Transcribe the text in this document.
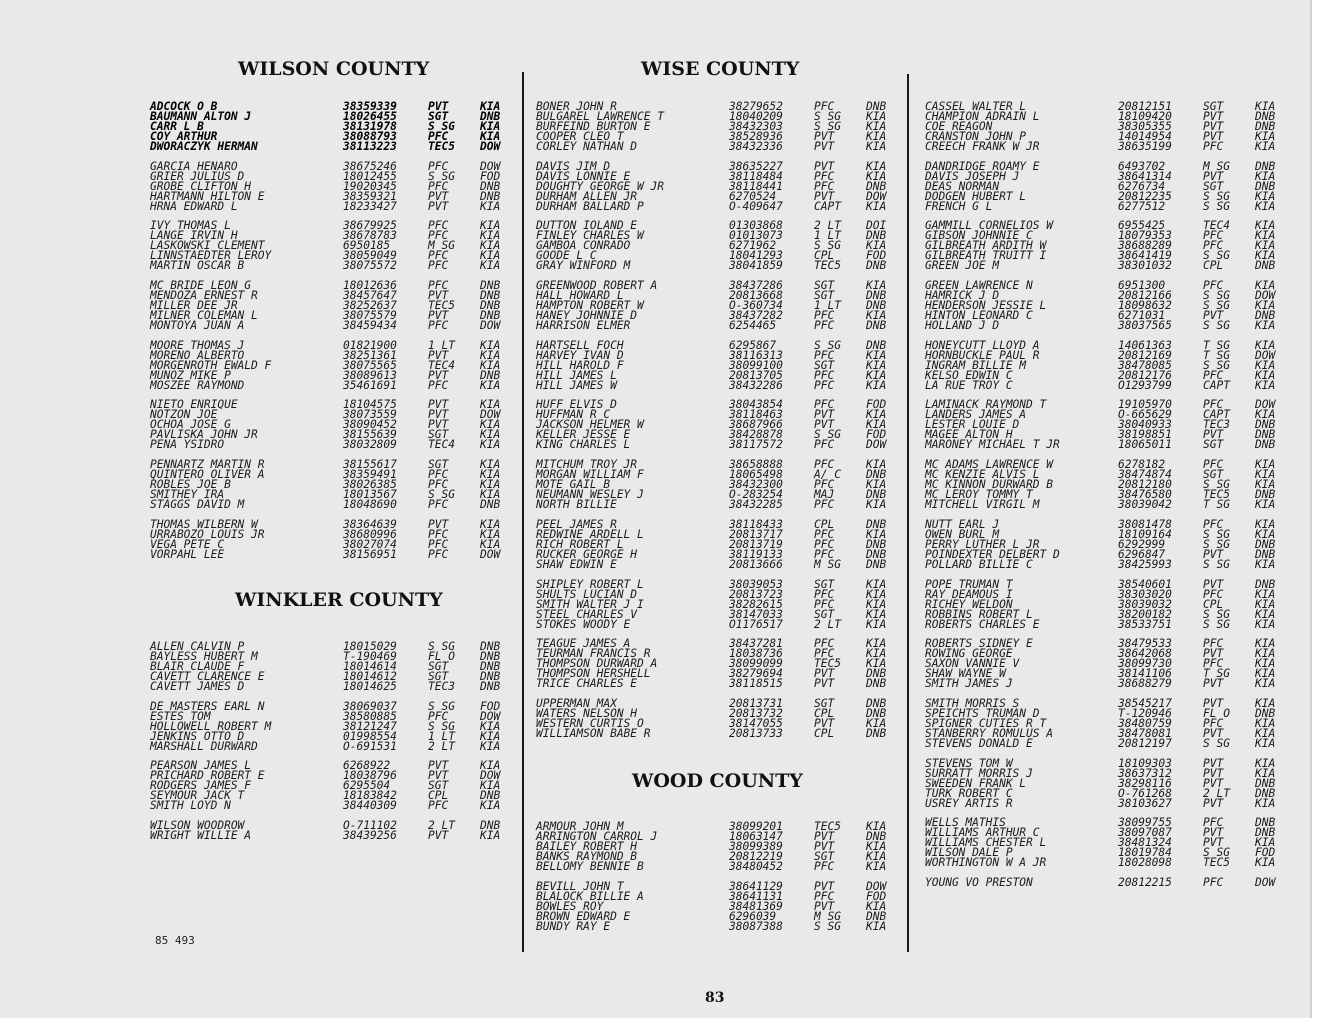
WILSON COUNTY
ADCOCK O B	38359339	PVT	KIA
BAUMANN ALTON J	18026455	SGT	DNB
CARR L B	38131978	S SG KIA
COY ARTHUR	38088793	PFC	KIA
DWORACZYK HERMAN	38113223	TEC5 DOW
GARCIA HENARO	38675246	PFC	DOW
GRIER JULIUS D	18012455	S SG FOD
GROBE CLIFTON H	19020345	PFC	DNB
HARTMANN HILTON E	38359321	PVT	DNB
HRNA EDWARD L	18233427	PVT	KIA
IVY THOMAS L	38679925	PFC	KIA
LANGE IRVIN H	38678783	PFC	KIA
LASKOWSKI CLEMENT	6950185	M SG KIA
LINNSTAEDTER LEROY	38059049	PFC	KIA
MARTIN OSCAR B	38075572	PFC	KIA
MC BRIDE LEON G	18012636	PFC	DNB
MENDOZA ERNEST R	38457647	PVT	DNB
MILLER DEE JR	38252637	TEC5 DNB
MILNER COLEMAN L	38075579	PVT	DNB
MONTOYA JUAN A	38459434	PFC	DOW
MOORE THOMAS J	01821900	1 LT KIA
MORENO ALBERTO	38251361	PVT	KIA
MORGENROTH EWALD F	38075565	TEC4 KIA
MUNOZ MIKE P	38089613	PVT	DNB
MOSZEE RAYMOND	35461691	PFC	KIA
NIETO ENRIQUE	18104575	PVT	KIA
NOTZON JOE	38073559	PVT	DOW
OCHOA JOSE G	38090452	PVT	KIA
PAVLISKA JOHN JR	38155639	SGT	KIA
PENA YSIDRO	38032809	TEC4 KIA
PENNARTZ MARTIN R	38155617	SGT	KIA
QUINTERO OLIVER A	38359491	PFC	KIA
ROBLES JOE B	38026385	PFC	KIA
SMITHEY IRA	18013567	S SG KIA
STAGGS DAVID M	18048690	PFC	DNB
THOMAS WILBERN W	38364639	PVT	KIA
URRABOZO LOUIS JR	38680996	PFC	KIA
VEGA PETE C	38027074	PFC	KIA
VORPAHL LEE	38156951	PFC	DOW
WINKLER COUNTY
ALLEN CALVIN P	18015029	S SG DNB
BAYLESS HUBERT M	T-190469	FL O DNB
BLAIR CLAUDE F	18014614	SGT	DNB
CAVETT CLARENCE E	18014612	SGT	DNB
CAVETT JAMES D	18014625	TEC3 DNB
DE MASTERS EARL N	38069037	S SG FOD
ESTES TOM	38580885	PFC	DOW
HOLLOWELL ROBERT M	38121247	S SG KIA
JENKINS OTTO D	01998554	1 LT KIA
MARSHALL DURWARD	O-691531	2 LT KIA
PEARSON JAMES L	6268922	PVT	KIA
PRICHARD ROBERT E	18038796	PVT	DOW
RODGERS JAMES F	6295504	SGT	KIA
SEYMOUR JACK T	18183842	CPL	DNB
SMITH LOYD N	38440309	PFC	KIA
WILSON WOODROW	O-711102	2 LT DNB
WRIGHT WILLIE A	38439256	PVT	KIA
WISE COUNTY
BONER JOHN R	38279652	PFC	DNB
BULGAREL LAWRENCE T	18040209	S SG KIA
BURFEIND BURTON E	38432303	S SG KIA
COOPER CLEO T	38528936	PVT	KIA
CORLEY NATHAN D	38432336	PVT	KIA
DAVIS JIM D	38635227	PVT	KIA
DAVIS LONNIE E	38118484	PFC	KIA
DOUGHTY GEORGE W JR	38118441	PFC	DNB
DURHAM ALLEN JR	6270524	PVT	DOW
DURHAM BALLARD P	O-409647	CAPT KIA
DUTTON IOLAND E	01303868	2 LT DOI
FINLEY CHARLES W	01013073	1 LT DNB
GAMBOA CONRADO	6271962	S SG KIA
GOODE L C	18041293	CPL	FOD
GRAY WINFORD M	38041859	TEC5 DNB
GREENWOOD ROBERT A	38437286	SGT	KIA
HALL HOWARD L	20813668	SGT	DNB
HAMPTON ROBERT W	O-360734	1 LT DNB
HANEY JOHNNIE D	38437282	PFC	KIA
HARRISON ELMER	6254465	PFC	DNB
HARTSELL FOCH	6295867	S SG DNB
HARVEY IVAN D	38116313	PFC	KIA
HILL HAROLD F	38099100	SGT	KIA
HILL JAMES L	20813705	PFC	KIA
HILL JAMES W	38432286	PFC	KIA
HUFF ELVIS D	38043854	PFC	FOD
HUFFMAN R C	38118463	PVT	KIA
JACKSON HELMER W	38687966	PVT	KIA
KELLER JESSE E	38428878	S SG FOD
KING CHARLES L	38117572	PFC	DOW
MITCHUM TROY JR	38658888	PFC	KIA
MORGAN WILLIAM F	18065498	A/ C DNB
MOTE GAIL B	38432300	PFC	KIA
NEUMANN WESLEY J	O-283254	MAJ	DNB
NORTH BILLIE	38432285	PFC	KIA
PEEL JAMES R	38118433	CPL	DNB
REDWINE ARDELL L	20813717	PFC	KIA
RICH ROBERT L	20813719	PFC	DNB
RUCKER GEORGE H	38119133	PFC	DNB
SHAW EDWIN E	20813666	M SG DNB
SHIPLEY ROBERT L	38039053	SGT	KIA
SHULTS LUCIAN D	20813723	PFC	KIA
SMITH WALTER J I	38282615	PFC	KIA
STEEL CHARLES V	38147033	SGT	KIA
STOKES WOODY E	O1176517	2 LT KIA
TEAGUE JAMES A	38437281	PFC	KIA
TEURMAN FRANCIS R	18038736	PFC	KIA
THOMPSON DURWARD A	38099099	TEC5 KIA
THOMPSON HERSHELL	38279694	PVT	DNB
TRICE CHARLES E	38118515	PVT	DNB
UPPERMAN MAX	20813731	SGT	DNB
WATERS NELSON H	20813732	CPL	DNB
WESTERN CURTIS O	38147055	PVT	KIA
WILLIAMSON BABE R	20813733	CPL	DNB
WOOD COUNTY
ARMOUR JOHN M	38099201	TEC5 KIA
ARRINGTON CARROL J	18063147	PVT	DNB
BAILEY ROBERT H	38099389	PVT	KIA
BANKS RAYMOND B	20812219	SGT	KIA
BELLOMY BENNIE B	38480452	PFC	KIA
BEVILL JOHN T	38641129	PVT	DOW
BLALOCK BILLIE A	38641131	PFC	FOD
BOWLES ROY	38481369	PVT	KIA
BROWN EDWARD E	6296039	M SG DNB
BUNDY RAY E	38087388	S SG KIA
CASSEL WALTER L	20812151	SGT	KIA
CHAMPION ADRAIN L	18109420	PVT	DNB
COE REAGON	38305355	PVT	DNB
CRANSTON JOHN P	14014954	PVT	KIA
CREECH FRANK W JR	38635199	PFC	KIA
DANDRIDGE ROAMY E	6493702	M SG DNB
DAVIS JOSEPH J	38641314	PVT	KIA
DEAS NORMAN	6276734	SGT	DNB
DODGEN HUBERT L	20812235	S SG KIA
FRENCH G L	6277512	S SG KIA
GAMMILL CORNELIOS W	6955425	TEC4 KIA
GIBSON JOHNNIE C	18079353	PFC	KIA
GILBREATH ARDITH W	38688289	PFC	KIA
GILBREATH TRUITT I	38641419	S SG KIA
GREEN JOE M	38301032	CPL	DNB
GREEN LAWRENCE N	6951300	PFC	KIA
HAMRICK J D	20812166	S SG DOW
HENDERSON JESSIE L	18098632	S SG KIA
HINTON LEONARD C	6271031	PVT	DNB
HOLLAND J D	38037565	S SG KIA
HONEYCUTT LLOYD A	14061363	T SG KIA
HORNBUCKLE PAUL R	20812169	T SG DOW
INGRAM BILLIE M	38478085	S SG KIA
KELSO EDWIN C	20812176	PFC	KIA
LA RUE TROY C	O1293799	CAPT KIA
LAMINACK RAYMOND T	19105970	PFC	DOW
LANDERS JAMES A	O-665629	CAPT KIA
LESTER LOUIE D	38040933	TEC3 DNB
MAGEE ALTON H	38198851	PVT	DNB
MARONEY MICHAEL T JR	18065011	SGT	DNB
MC ADAMS LAWRENCE W	6278182	PFC	KIA
MC KENZIE ALVIS L	38474874	SGT	KIA
MC KINNON DURWARD B	20812180	S SG KIA
MC LEROY TOMMY T	38476580	TEC5 DNB
MITCHELL VIRGIL M	38039042	T SG KIA
NUTT EARL J	38081478	PFC	KIA
OWEN BURL M	18109164	S SG KIA
PERRY LUTHER L JR	6292999	S SG DNB
POINDEXTER DELBERT D	6296847	PVT	DNB
POLLARD BILLIE C	38425993	S SG KIA
POPE TRUMAN T	38540601	PVT	DNB
RAY DEAMOUS I	38303020	PFC	KIA
RICHEY WELDON	38039032	CPL	KIA
ROBBINS ROBERT L	38200182	S SG KIA
ROBERTS CHARLES E	38533751	S SG KIA
ROBERTS SIDNEY E	38479533	PFC	KIA
ROWING GEORGE	38642068	PVT	KIA
SAXON VANNIE V	38099730	PFC	KIA
SHAW WAYNE W	38141106	T SG KIA
SMITH JAMES J	38688279	PVT	KIA
SMITH MORRIS S	38545217	PVT	KIA
SPEICHTS TRUMAN D	T-120946	FL O DNB
SPIGNER CUTIES R T	38480759	PFC	KIA
STANBERRY ROMULUS A	38478081	PVT	KIA
STEVENS DONALD E	20812197	S SG KIA
STEVENS TOM W	18109303	PVT	KIA
SURRATT MORRIS J	38637312	PVT	KIA
SWEEDEN FRANK L	38298116	PVT	DNB
TURK ROBERT C	O-761268	2 LT DNB
USREY ARTIS R	38103627	PVT	KIA
WELLS MATHIS	38099755	PFC	DNB
WILLIAMS ARTHUR C	38097087	PVT	DNB
WILLIAMS CHESTER L	38481324	PVT	KIA
WILSON DALE P	18019784	S SG FOD
WORTHINGTON W A JR	18028098	TEC5 KIA
YOUNG VO PRESTON	20812215	PFC	DOW
85 493
83
